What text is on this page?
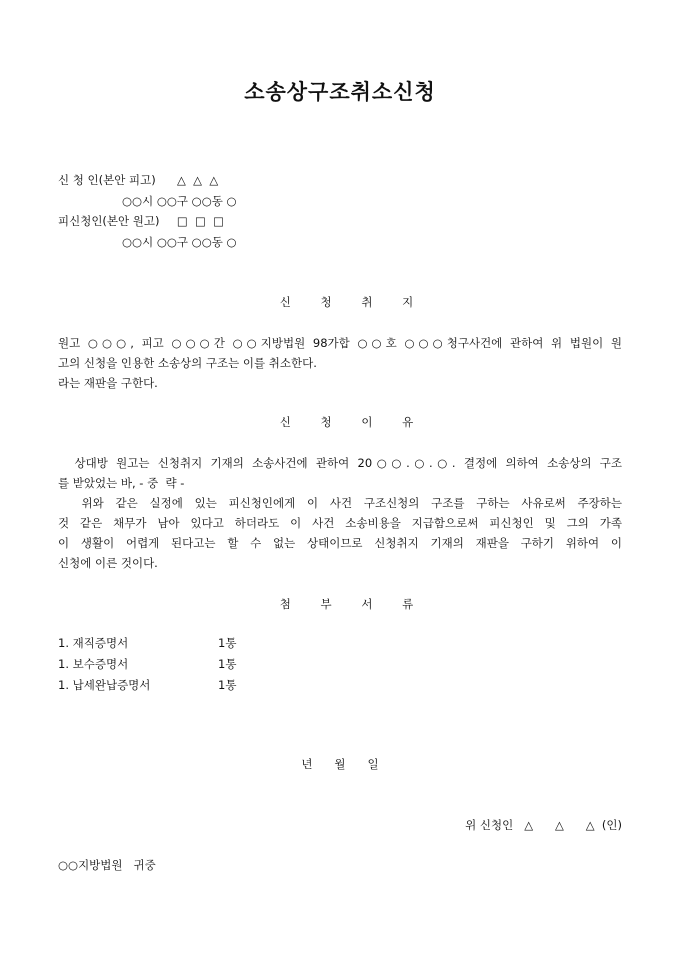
소송상구조취소신청
신 청 인(본안 피고) △  △  △
○○시 ○○구 ○○동 ○
피신청인(본안 원고) □  □  □
○○시 ○○구 ○○동 ○
신 청 취 지
원고 ○○○, 피고 ○○○간 ○○지방법원 98가합 ○○호 ○○○청구사건에 관하여 위 법원이 원
고의 신청을 인용한 소송상의 구조는 이를 취소한다.
라는 재판을 구한다.
신 청 이 유
상대방 원고는 신청취지 기재의 소송사건에 관하여 20○○.○.○. 결정에 의하여 소송상의 구조
를 받았었는 바, - 중  략 -
위와 같은 실정에 있는 피신청인에게 이 사건 구조신청의 구조를 구하는 사유로써 주장하는
것 같은 채무가 남아 있다고 하더라도 이 사건 소송비용을 지급함으로써 피신청인 및 그의 가족
이 생활이 어렵게 된다고는 할 수 없는 상태이므로 신청취지 기재의 재판을 구하기 위하여 이
신청에 이른 것이다.
첨 부 서 류
1. 재직증명서	1통
1. 보수증명서	1통
1. 납세완납증명서	1통
년      월      일
위 신청인   △      △      △  (인)
○○지방법원   귀중
